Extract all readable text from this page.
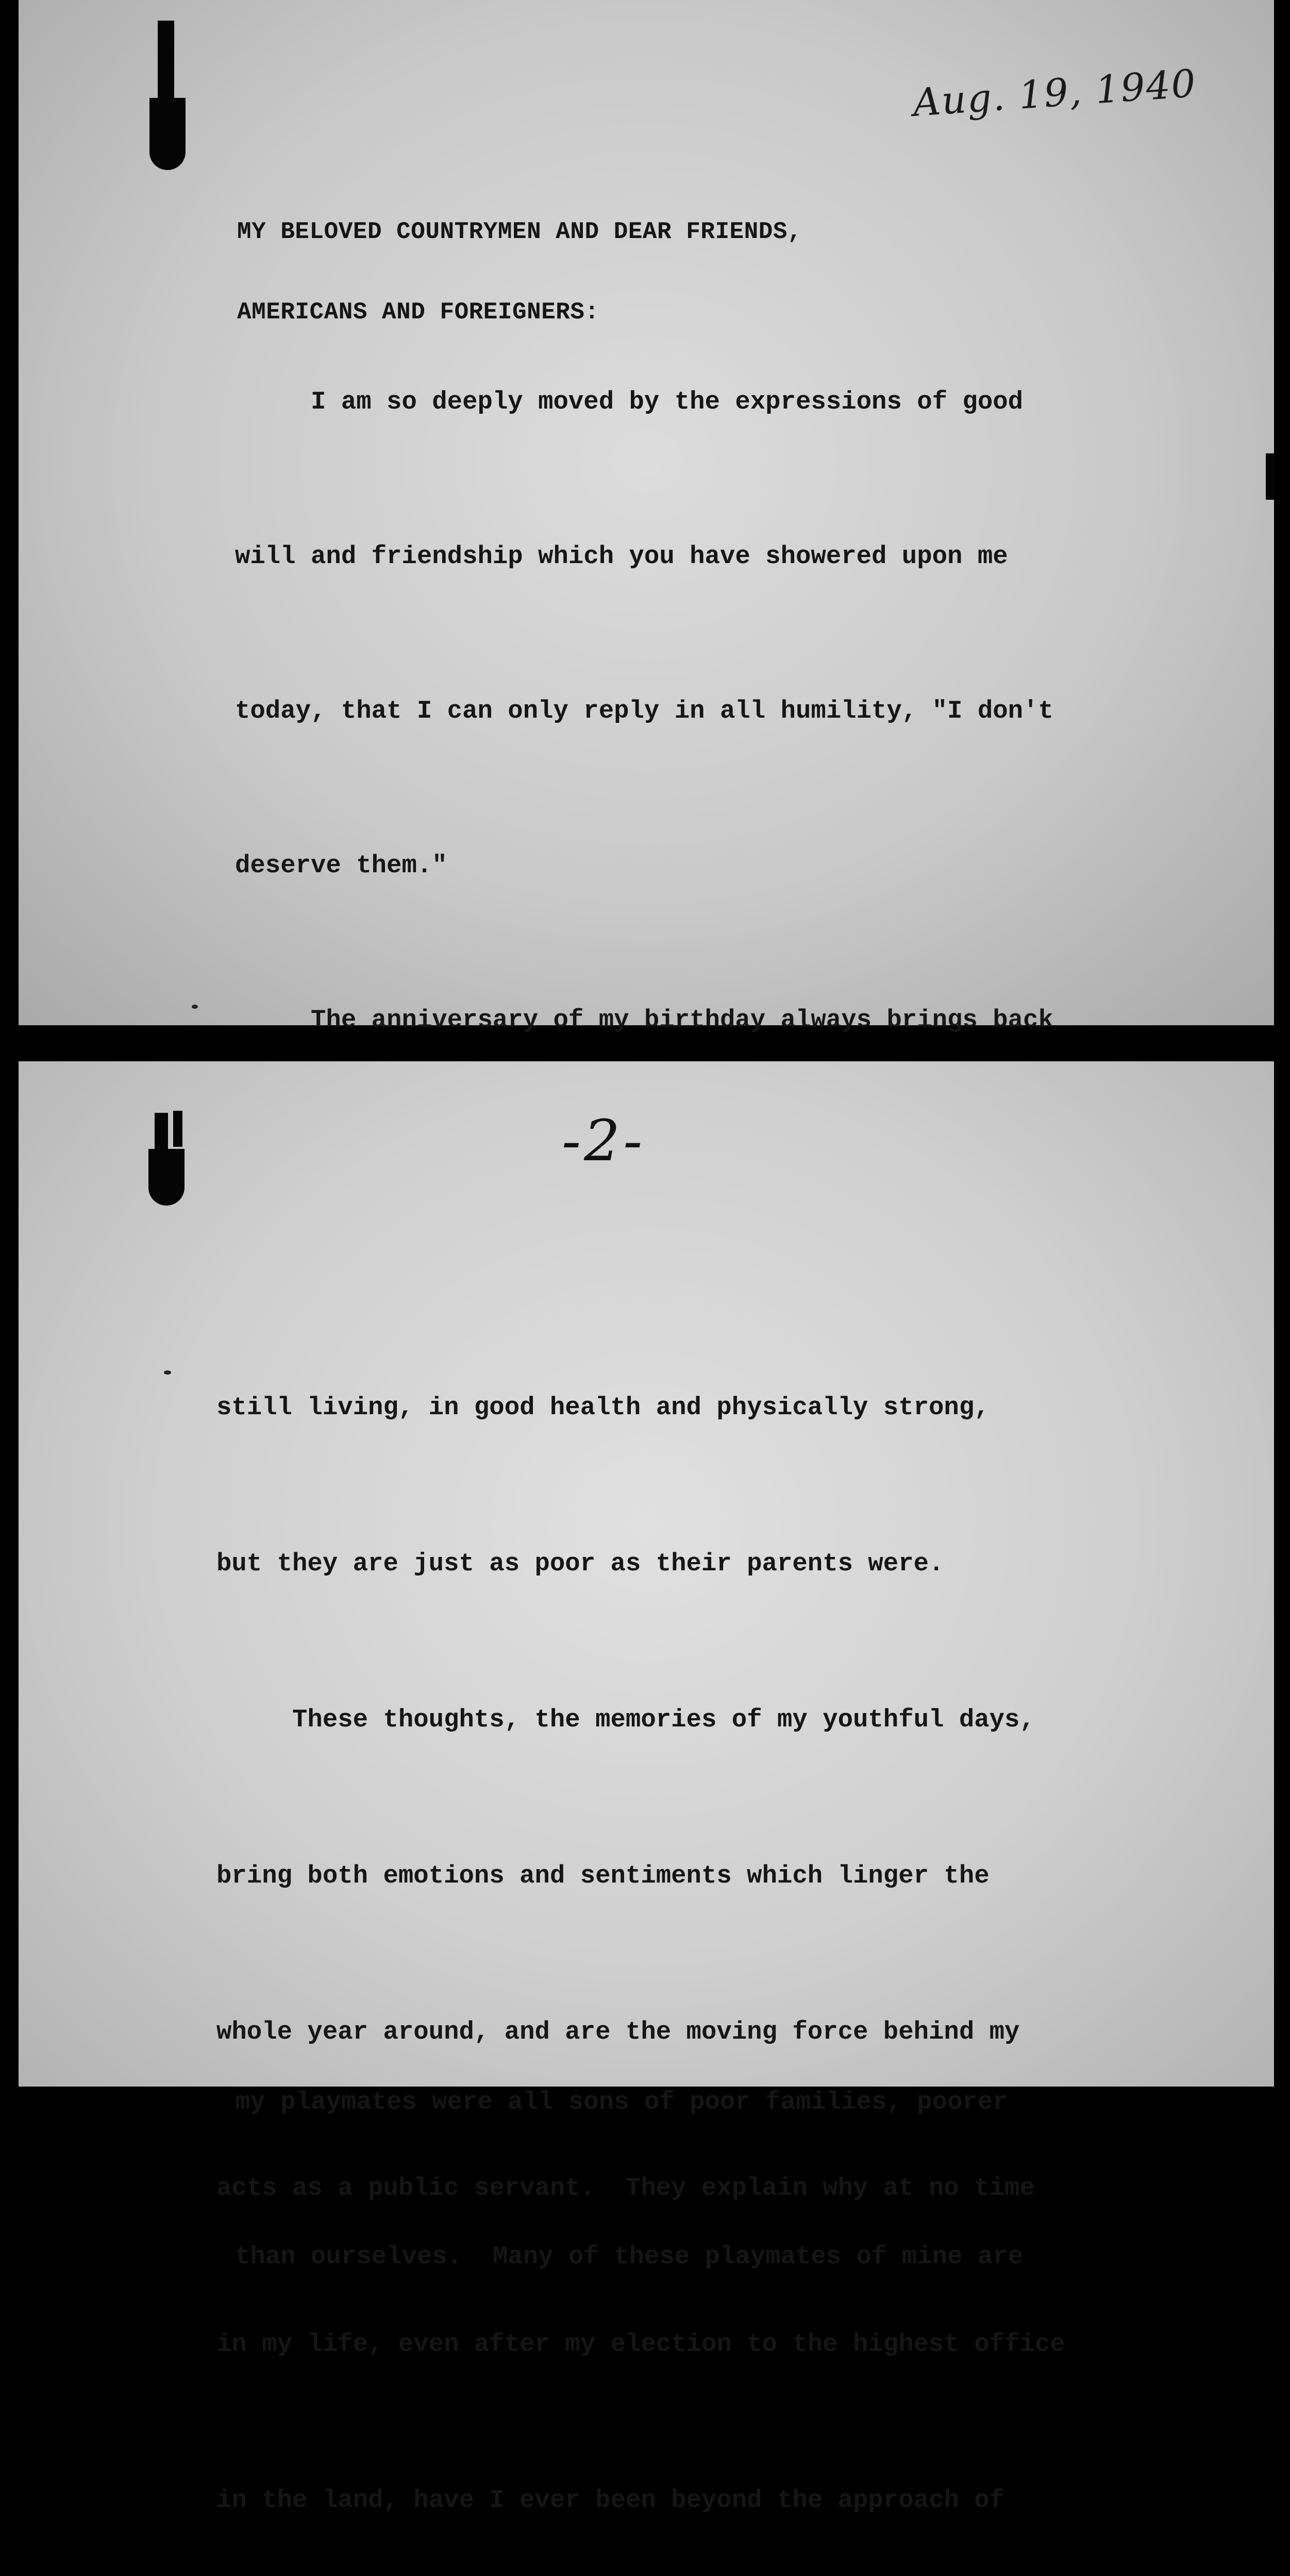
Aug. 19, 1940

MY BELOVED COUNTRYMEN AND DEAR FRIENDS,

AMERICANS AND FOREIGNERS:

I am so deeply moved by the expressions of good

will and friendship which you have showered upon me

today, that I can only reply in all humility, "I don't

deserve them."

The anniversary of my birthday always brings back

my playmates were all sons of poor families, poorer

than ourselves.  Many of these playmates of mine are

-2-

still living, in good health and physically strong,

but they are just as poor as their parents were.

These thoughts, the memories of my youthful days,

bring both emotions and sentiments which linger the

whole year around, and are the moving force behind my

acts as a public servant.  They explain why at no time

in my life, even after my election to the highest office

in the land, have I ever been beyond the approach of
